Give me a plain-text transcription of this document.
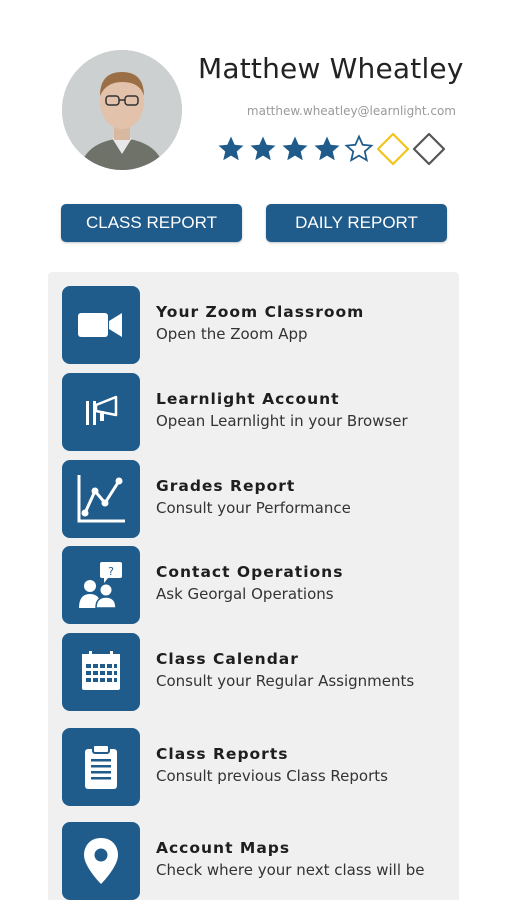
Matthew Wheatley
matthew.wheatley@learnlight.com
CLASS REPORT	DAILY REPORT
Your Zoom Classroom
Open the Zoom App
Learnlight Account
Opean Learnlight in your Browser
Grades Report
Consult your Performance
?	Contact Operations
Ask Georgal Operations
Class Calendar
Consult your Regular Assignments
Class Reports
Consult previous Class Reports
Account Maps
Check where your next class will be
